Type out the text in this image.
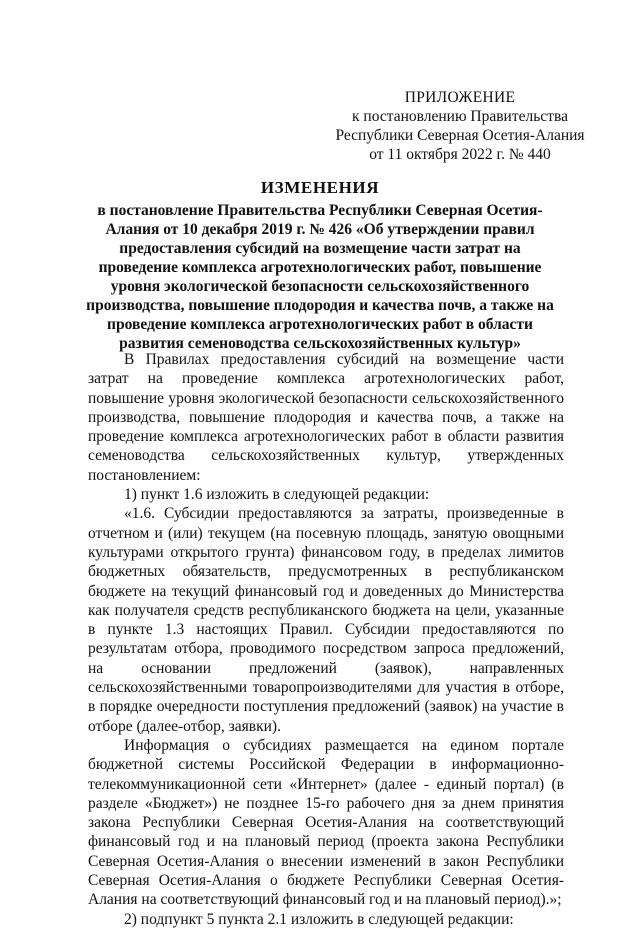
ПРИЛОЖЕНИЕ
к постановлению Правительства
Республики Северная Осетия-Алания
от 11 октября 2022 г. № 440
ИЗМЕНЕНИЯ
в постановление Правительства Республики Северная Осетия-Алания от 10 декабря 2019 г. № 426 «Об утверждении правил предоставления субсидий на возмещение части затрат на проведение комплекса агротехнологических работ, повышение уровня экологической безопасности сельскохозяйственного производства, повышение плодородия и качества почв, а также на проведение комплекса агротехнологических работ в области развития семеноводства сельскохозяйственных культур»

В Правилах предоставления субсидий на возмещение части затрат на проведение комплекса агротехнологических работ, повышение уровня экологической безопасности сельскохозяйственного производства, повышение плодородия и качества почв, а также на проведение комплекса агротехнологических работ в области развития семеноводства сельскохозяйственных культур, утвержденных постановлением:

1) пункт 1.6 изложить в следующей редакции:

«1.6. Субсидии предоставляются за затраты, произведенные в отчетном и (или) текущем (на посевную площадь, занятую овощными культурами открытого грунта) финансовом году, в пределах лимитов бюджетных обязательств, предусмотренных в республиканском бюджете на текущий финансовый год и доведенных до Министерства как получателя средств республиканского бюджета на цели, указанные в пункте 1.3 настоящих Правил. Субсидии предоставляются по результатам отбора, проводимого посредством запроса предложений, на основании предложений (заявок), направленных сельскохозяйственными товаропроизводителями для участия в отборе, в порядке очередности поступления предложений (заявок) на участие в отборе (далее-отбор, заявки).

Информация о субсидиях размещается на едином портале бюджетной системы Российской Федерации в информационно-телекоммуникационной сети «Интернет» (далее - единый портал) (в разделе «Бюджет») не позднее 15-го рабочего дня за днем принятия закона Республики Северная Осетия-Алания на соответствующий финансовый год и на плановый период (проекта закона Республики Северная Осетия-Алания о внесении изменений в закон Республики Северная Осетия-Алания о бюджете Республики Северная Осетия-Алания на соответствующий финансовый год и на плановый период).»;

2) подпункт 5 пункта 2.1 изложить в следующей редакции:
